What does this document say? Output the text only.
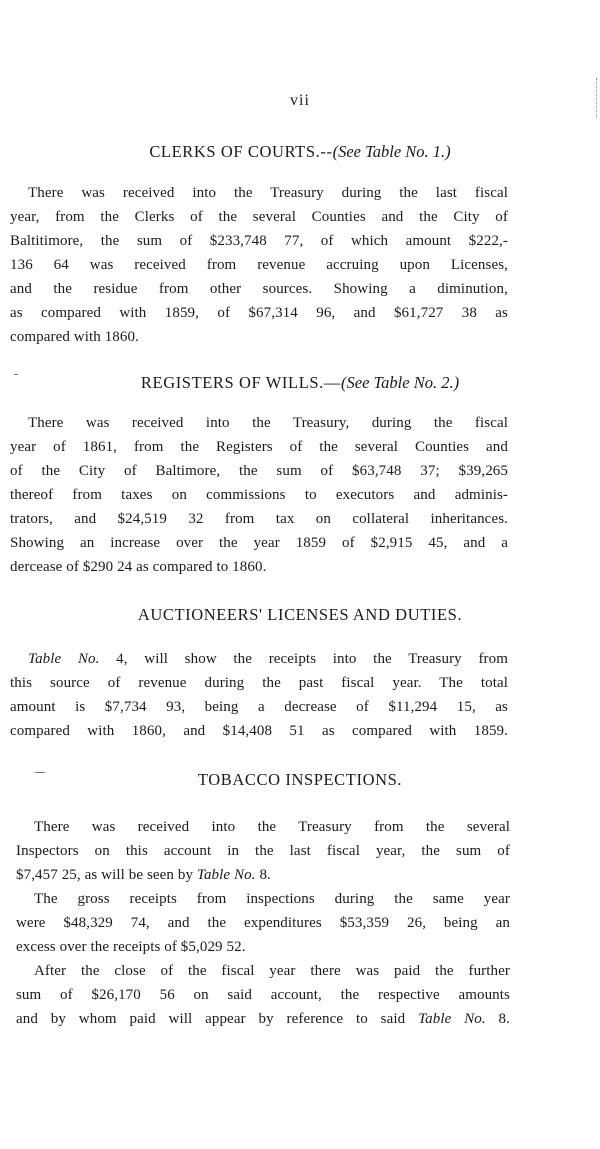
vii
CLERKS OF COURTS.--(See Table No. 1.)
There was received into the Treasury during the last fiscal
year, from the Clerks of the several Counties and the City of
Baltitimore, the sum of $233,748 77, of which amount $222,-
136 64 was received from revenue accruing upon Licenses,
and the residue from other sources. Showing a diminution,
as compared with 1859, of $67,314 96, and $61,727 38 as
compared with 1860.
REGISTERS OF WILLS.—(See Table No. 2.)
There was received into the Treasury, during the fiscal
year of 1861, from the Registers of the several Counties and
of the City of Baltimore, the sum of $63,748 37; $39,265
thereof from taxes on commissions to executors and adminis-
trators, and $24,519 32 from tax on collateral inheritances.
Showing an increase over the year 1859 of $2,915 45, and a
dercease of $290 24 as compared to 1860.
AUCTIONEERS' LICENSES AND DUTIES.
Table No. 4, will show the receipts into the Treasury from
this source of revenue during the past fiscal year. The total
amount is $7,734 93, being a decrease of $11,294 15, as
compared with 1860, and $14,408 51 as compared with 1859.
TOBACCO INSPECTIONS.
There was received into the Treasury from the several
Inspectors on this account in the last fiscal year, the sum of
$7,457 25, as will be seen by Table No. 8.
The gross receipts from inspections during the same year
were $48,329 74, and the expenditures $53,359 26, being an
excess over the receipts of $5,029 52.
After the close of the fiscal year there was paid the further
sum of $26,170 56 on said account, the respective amounts
and by whom paid will appear by reference to said Table No. 8.
